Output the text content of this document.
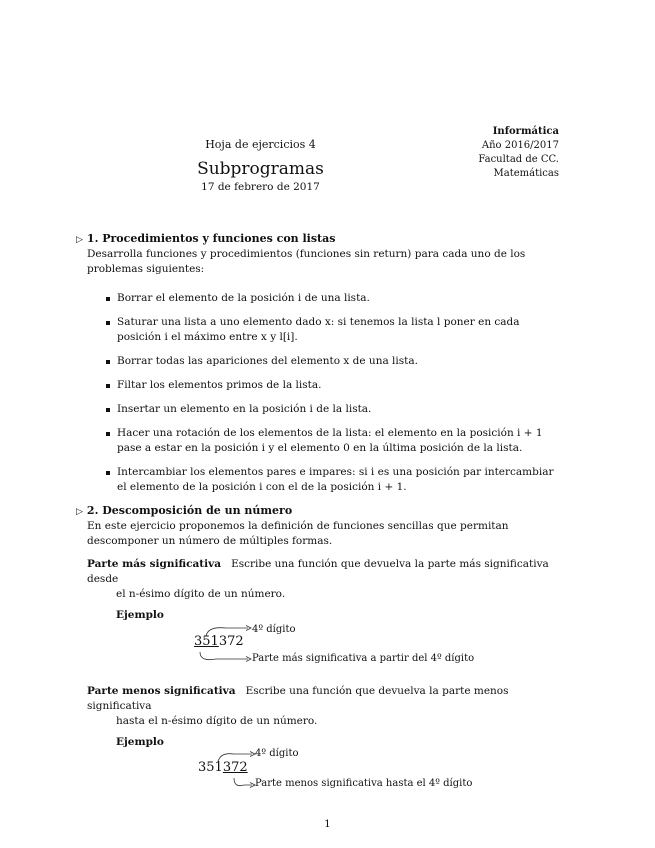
Informática
Año 2016/2017
Facultad de CC.
Matemáticas
Hoja de ejercicios 4
Subprogramas
17 de febrero de 2017
▷ 1. Procedimientos y funciones con listas
Desarrolla funciones y procedimientos (funciones sin return) para cada uno de los problemas siguientes:
Borrar el elemento de la posición i de una lista.
Saturar una lista a uno elemento dado x: si tenemos la lista l poner en cada posición i el máximo entre x y l[i].
Borrar todas las apariciones del elemento x de una lista.
Filtar los elementos primos de la lista.
Insertar un elemento en la posición i de la lista.
Hacer una rotación de los elementos de la lista: el elemento en la posición i + 1 pase a estar en la posición i y el elemento 0 en la última posición de la lista.
Intercambiar los elementos pares e impares: si i es una posición par intercambiar el elemento de la posición i con el de la posición i + 1.
▷ 2. Descomposición de un número
En este ejercicio proponemos la definición de funciones sencillas que permitan descomponer un número de múltiples formas.
Parte más significativa Escribe una función que devuelva la parte más significativa desde
el n-ésimo dígito de un número.
Ejemplo
351372
4º dígito
Parte más significativa a partir del 4º dígito
Parte menos significativa Escribe una función que devuelva la parte menos significativa
hasta el n-ésimo dígito de un número.
Ejemplo
351372
4º dígito
Parte menos significativa hasta el 4º dígito
1
